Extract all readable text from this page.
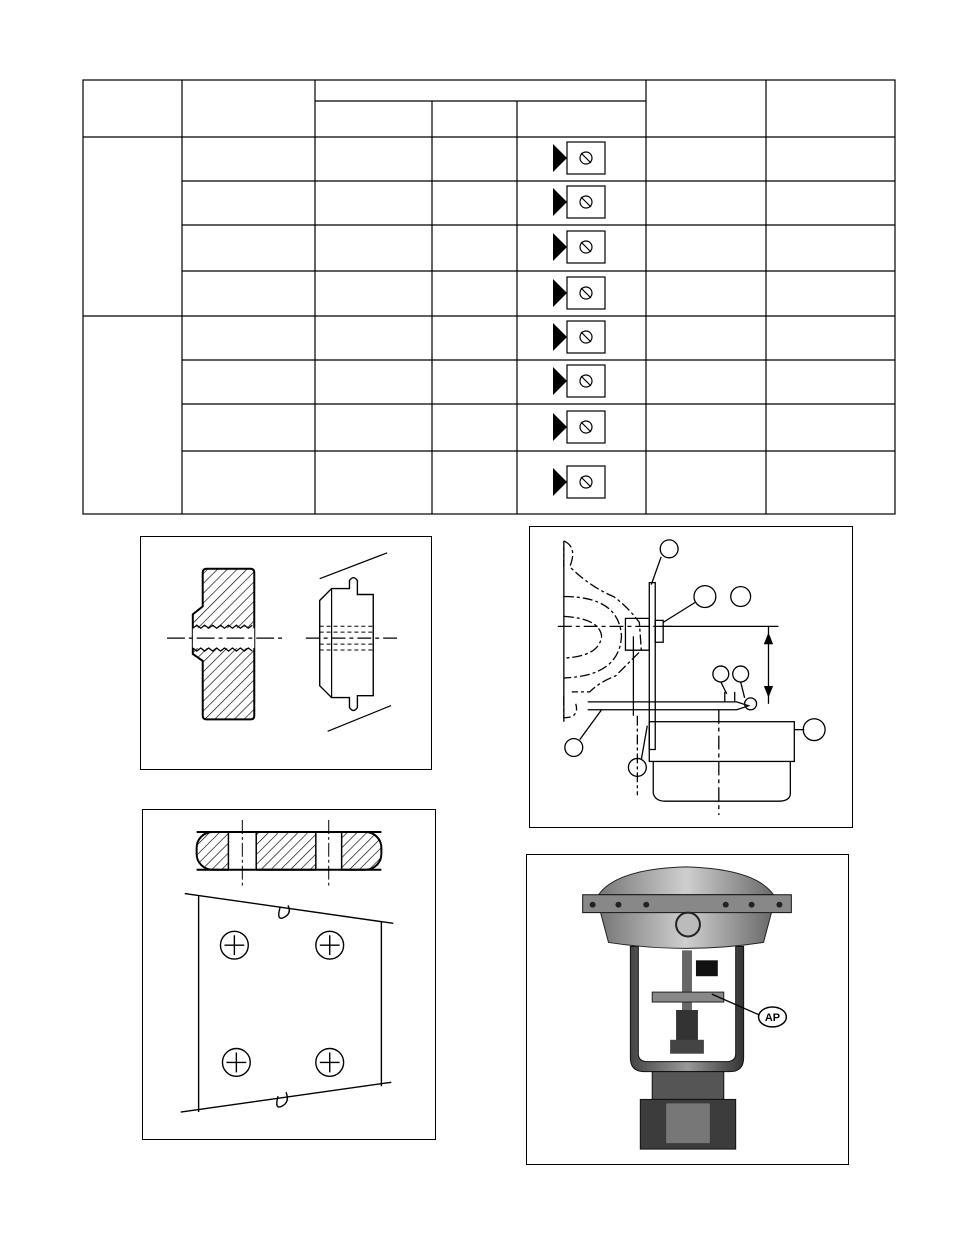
AP
